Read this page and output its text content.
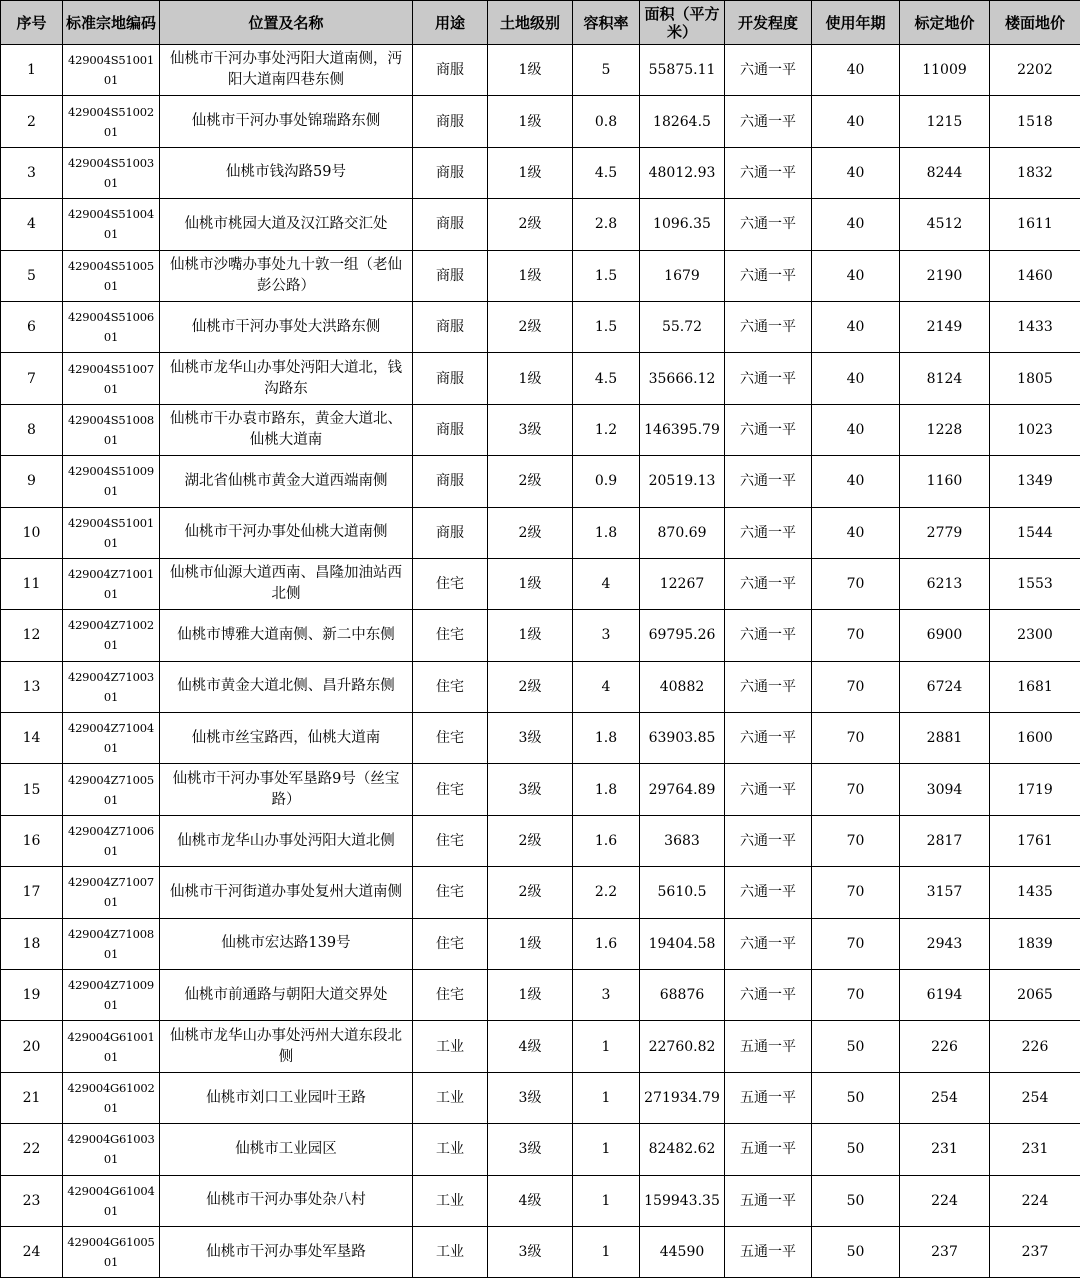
序号	标准宗地编码	位置及名称	用途	土地级别	容积率	面积（平方米）	开发程度	使用年期	标定地价	楼面地价
1	429004S5100101	仙桃市干河办事处沔阳大道南侧，沔阳大道南四巷东侧	商服	1级	5	55875.11	六通一平	40	11009	2202
2	429004S5100201	仙桃市干河办事处锦瑞路东侧	商服	1级	0.8	18264.5	六通一平	40	1215	1518
3	429004S5100301	仙桃市钱沟路59号	商服	1级	4.5	48012.93	六通一平	40	8244	1832
4	429004S5100401	仙桃市桃园大道及汉江路交汇处	商服	2级	2.8	1096.35	六通一平	40	4512	1611
5	429004S5100501	仙桃市沙嘴办事处九十敦一组（老仙彭公路）	商服	1级	1.5	1679	六通一平	40	2190	1460
6	429004S5100601	仙桃市干河办事处大洪路东侧	商服	2级	1.5	55.72	六通一平	40	2149	1433
7	429004S5100701	仙桃市龙华山办事处沔阳大道北，钱沟路东	商服	1级	4.5	35666.12	六通一平	40	8124	1805
8	429004S5100801	仙桃市干办袁市路东，黄金大道北、仙桃大道南	商服	3级	1.2	146395.79	六通一平	40	1228	1023
9	429004S5100901	湖北省仙桃市黄金大道西端南侧	商服	2级	0.9	20519.13	六通一平	40	1160	1349
10	429004S5100101	仙桃市干河办事处仙桃大道南侧	商服	2级	1.8	870.69	六通一平	40	2779	1544
11	429004Z7100101	仙桃市仙源大道西南、昌隆加油站西北侧	住宅	1级	4	12267	六通一平	70	6213	1553
12	429004Z7100201	仙桃市博雅大道南侧、新二中东侧	住宅	1级	3	69795.26	六通一平	70	6900	2300
13	429004Z7100301	仙桃市黄金大道北侧、昌升路东侧	住宅	2级	4	40882	六通一平	70	6724	1681
14	429004Z7100401	仙桃市丝宝路西，仙桃大道南	住宅	3级	1.8	63903.85	六通一平	70	2881	1600
15	429004Z7100501	仙桃市干河办事处军垦路9号（丝宝路）	住宅	3级	1.8	29764.89	六通一平	70	3094	1719
16	429004Z7100601	仙桃市龙华山办事处沔阳大道北侧	住宅	2级	1.6	3683	六通一平	70	2817	1761
17	429004Z7100701	仙桃市干河街道办事处复州大道南侧	住宅	2级	2.2	5610.5	六通一平	70	3157	1435
18	429004Z7100801	仙桃市宏达路139号	住宅	1级	1.6	19404.58	六通一平	70	2943	1839
19	429004Z7100901	仙桃市前通路与朝阳大道交界处	住宅	1级	3	68876	六通一平	70	6194	2065
20	429004G6100101	仙桃市龙华山办事处沔州大道东段北侧	工业	4级	1	22760.82	五通一平	50	226	226
21	429004G6100201	仙桃市刘口工业园叶王路	工业	3级	1	271934.79	五通一平	50	254	254
22	429004G6100301	仙桃市工业园区	工业	3级	1	82482.62	五通一平	50	231	231
23	429004G6100401	仙桃市干河办事处杂八村	工业	4级	1	159943.35	五通一平	50	224	224
24	429004G6100501	仙桃市干河办事处军垦路	工业	3级	1	44590	五通一平	50	237	237
